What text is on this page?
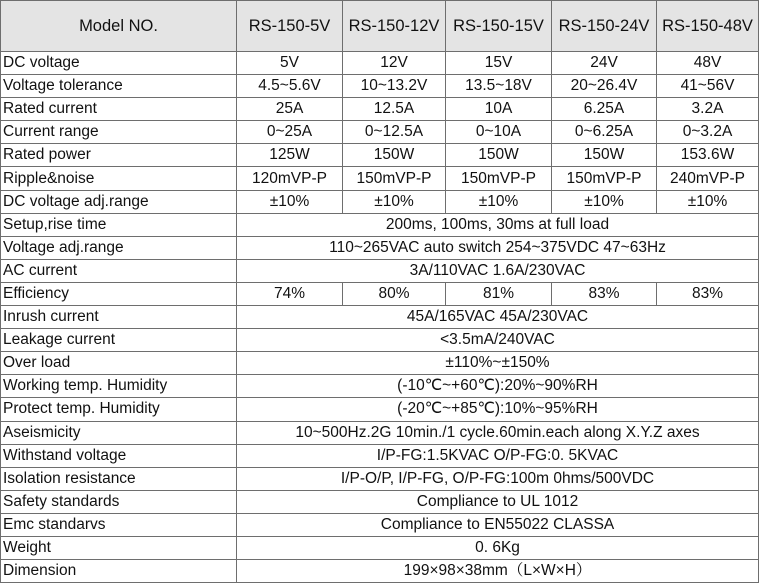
Model NO.	RS-150-5V	RS-150-12V	RS-150-15V	RS-150-24V	RS-150-48V
DC voltage	5V	12V	15V	24V	48V
Voltage tolerance	4.5~5.6V	10~13.2V	13.5~18V	20~26.4V	41~56V
Rated current	25A	12.5A	10A	6.25A	3.2A
Current range	0~25A	0~12.5A	0~10A	0~6.25A	0~3.2A
Rated power	125W	150W	150W	150W	153.6W
Ripple&noise	120mVP-P	150mVP-P	150mVP-P	150mVP-P	240mVP-P
DC voltage adj.range	±10%	±10%	±10%	±10%	±10%
Setup,rise time	200ms, 100ms, 30ms at full load				
Voltage adj.range	110~265VAC auto switch 254~375VDC 47~63Hz				
AC current	3A/110VAC 1.6A/230VAC				
Efficiency	74%	80%	81%	83%	83%
Inrush current	45A/165VAC 45A/230VAC				
Leakage current	<3.5mA/240VAC				
Over load	±110%~±150%				
Working temp. Humidity	(-10℃~+60℃):20%~90%RH				
Protect temp. Humidity	(-20℃~+85℃):10%~95%RH				
Aseismicity	10~500Hz.2G 10min./1 cycle.60min.each along X.Y.Z axes				
Withstand voltage	I/P-FG:1.5KVAC O/P-FG:0. 5KVAC				
Isolation resistance	I/P-O/P, I/P-FG, O/P-FG:100m 0hms/500VDC				
Safety standards	Compliance to UL 1012				
Emc standarvs	Compliance to EN55022 CLASSA				
Weight	0. 6Kg				
Dimension	199×98×38mm（L×W×H）				
